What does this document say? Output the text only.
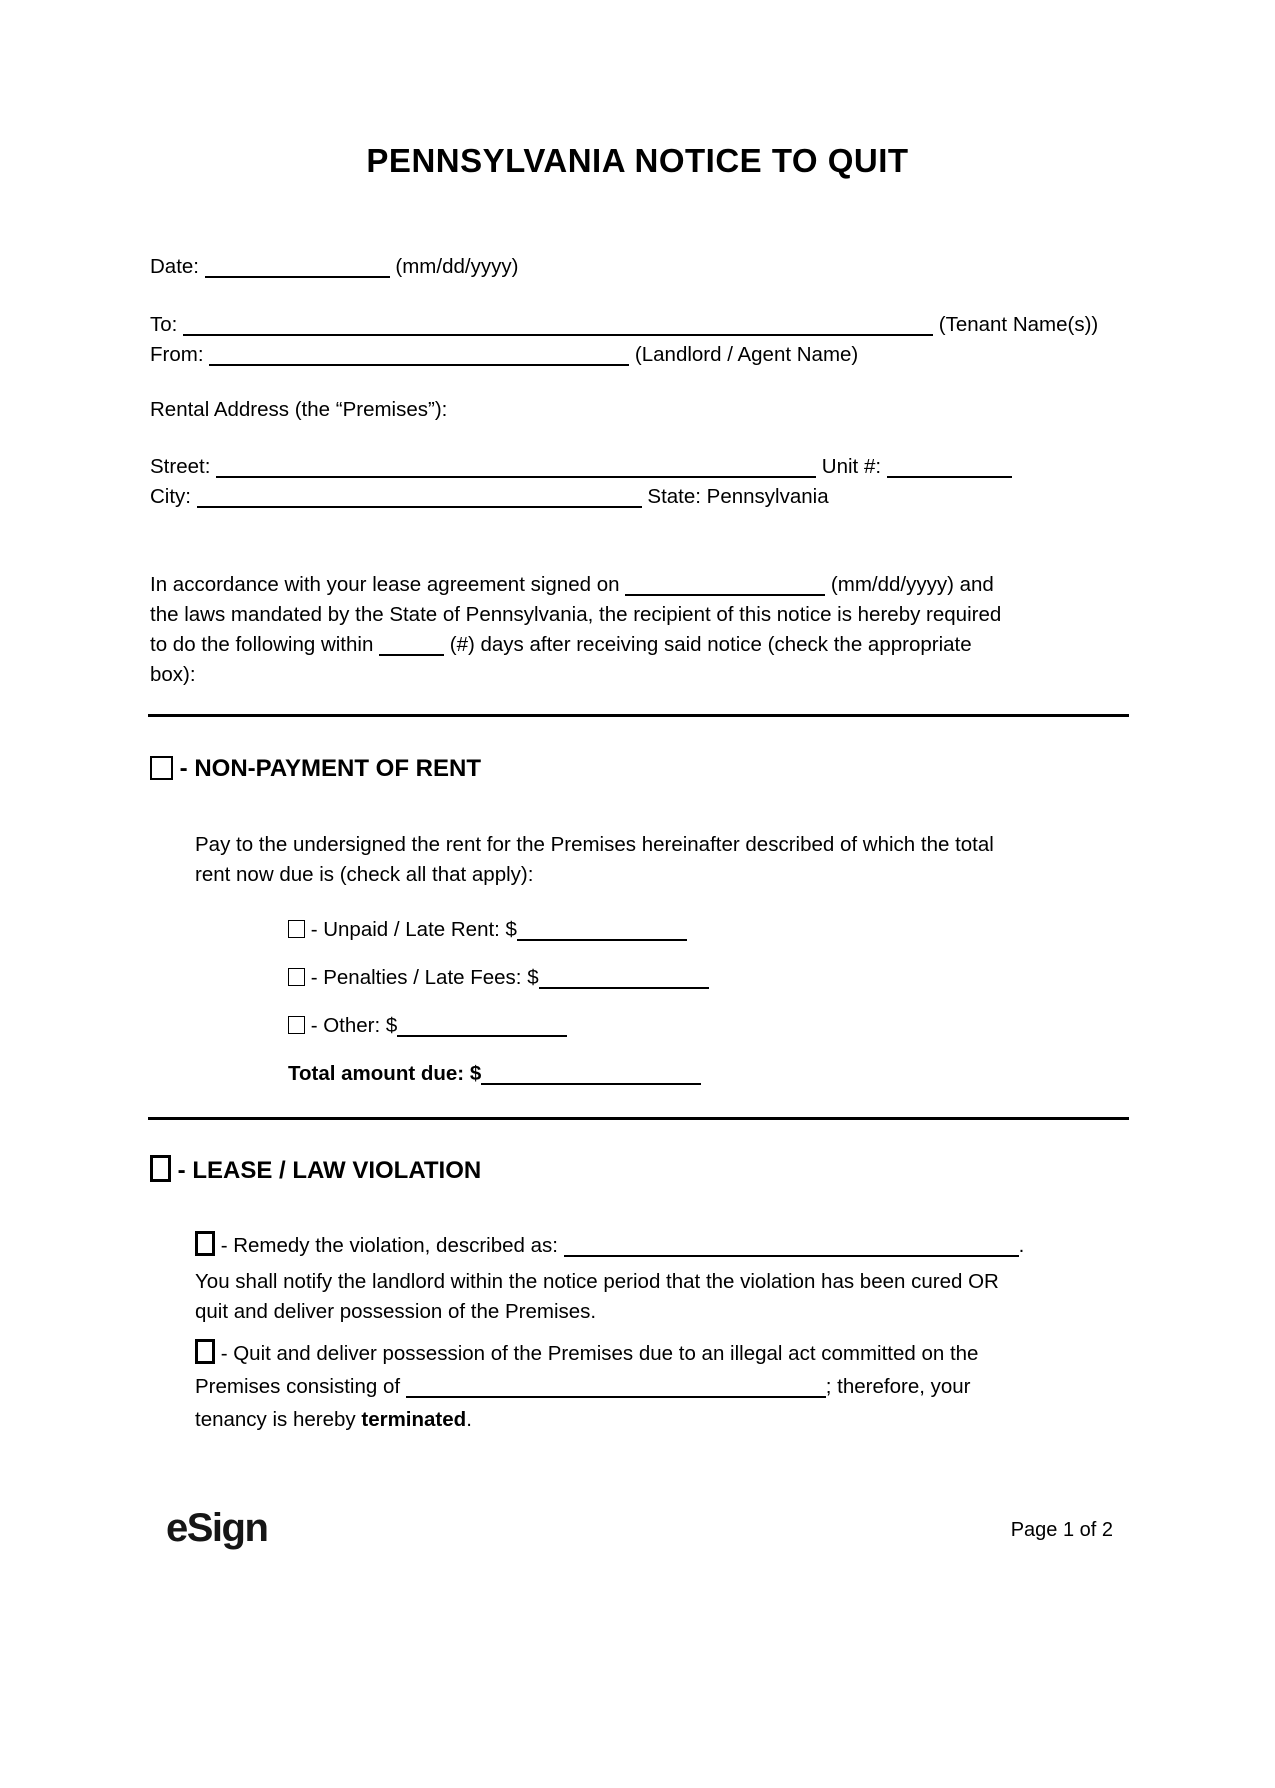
PENNSYLVANIA NOTICE TO QUIT
Date:	(mm/dd/yyyy)
To:	(Tenant Name(s))
From:	(Landlord / Agent Name)
Rental Address (the “Premises”):
Street:	Unit #:
City:	State: Pennsylvania
In accordance with your lease agreement signed on	(mm/dd/yyyy) and
the laws mandated by the State of Pennsylvania, the recipient of this notice is hereby required
to do the following within	(#) days after receiving said notice (check the appropriate
box):
- NON-PAYMENT OF RENT
Pay to the undersigned the rent for the Premises hereinafter described of which the total
rent now due is (check all that apply):
- Unpaid / Late Rent: $
- Penalties / Late Fees: $
- Other: $
Total amount due: $
- LEASE / LAW VIOLATION
- Remedy the violation, described as:	.
You shall notify the landlord within the notice period that the violation has been cured OR
quit and deliver possession of the Premises.
- Quit and deliver possession of the Premises due to an illegal act committed on the
Premises consisting of	; therefore, your
tenancy is hereby terminated.
eSign	Page 1 of 2
